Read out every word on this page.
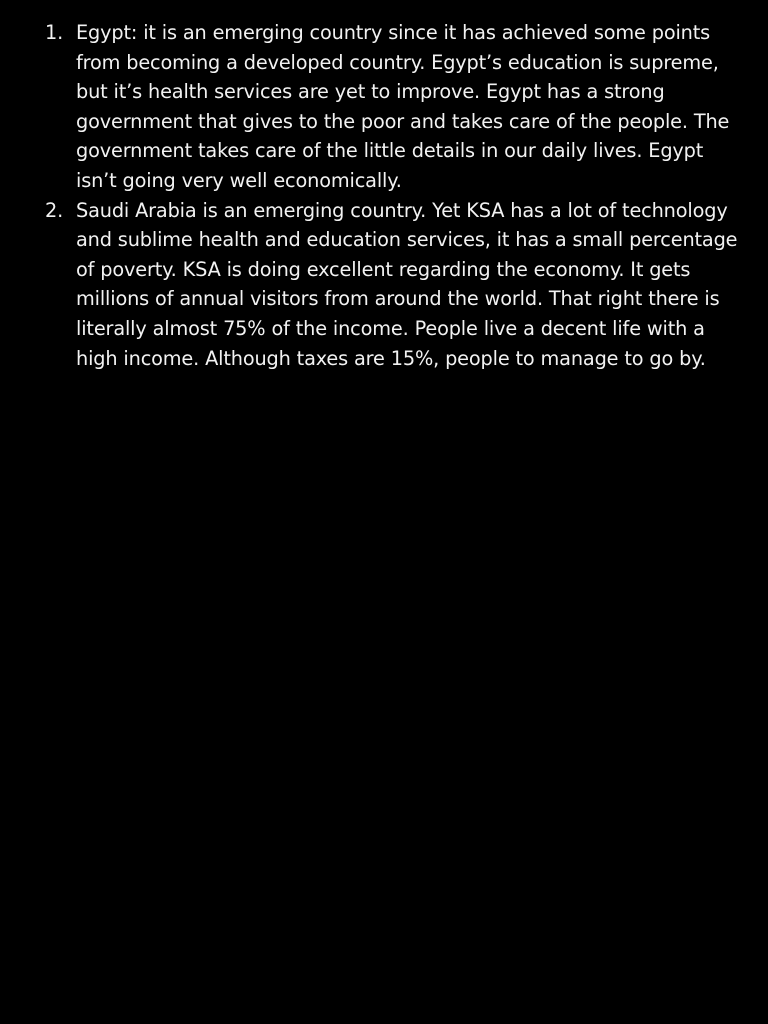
1. Egypt: it is an emerging country since it has achieved some points from becoming a developed country. Egypt’s education is supreme, but it’s health services are yet to improve. Egypt has a strong government that gives to the poor and takes care of the people. The government takes care of the little details in our daily lives. Egypt isn’t going very well economically.
2. Saudi Arabia is an emerging country. Yet KSA has a lot of technology and sublime health and education services, it has a small percentage of poverty. KSA is doing excellent regarding the economy. It gets millions of annual visitors from around the world. That right there is literally almost 75% of the income. People live a decent life with a high income. Although taxes are 15%, people to manage to go by.
